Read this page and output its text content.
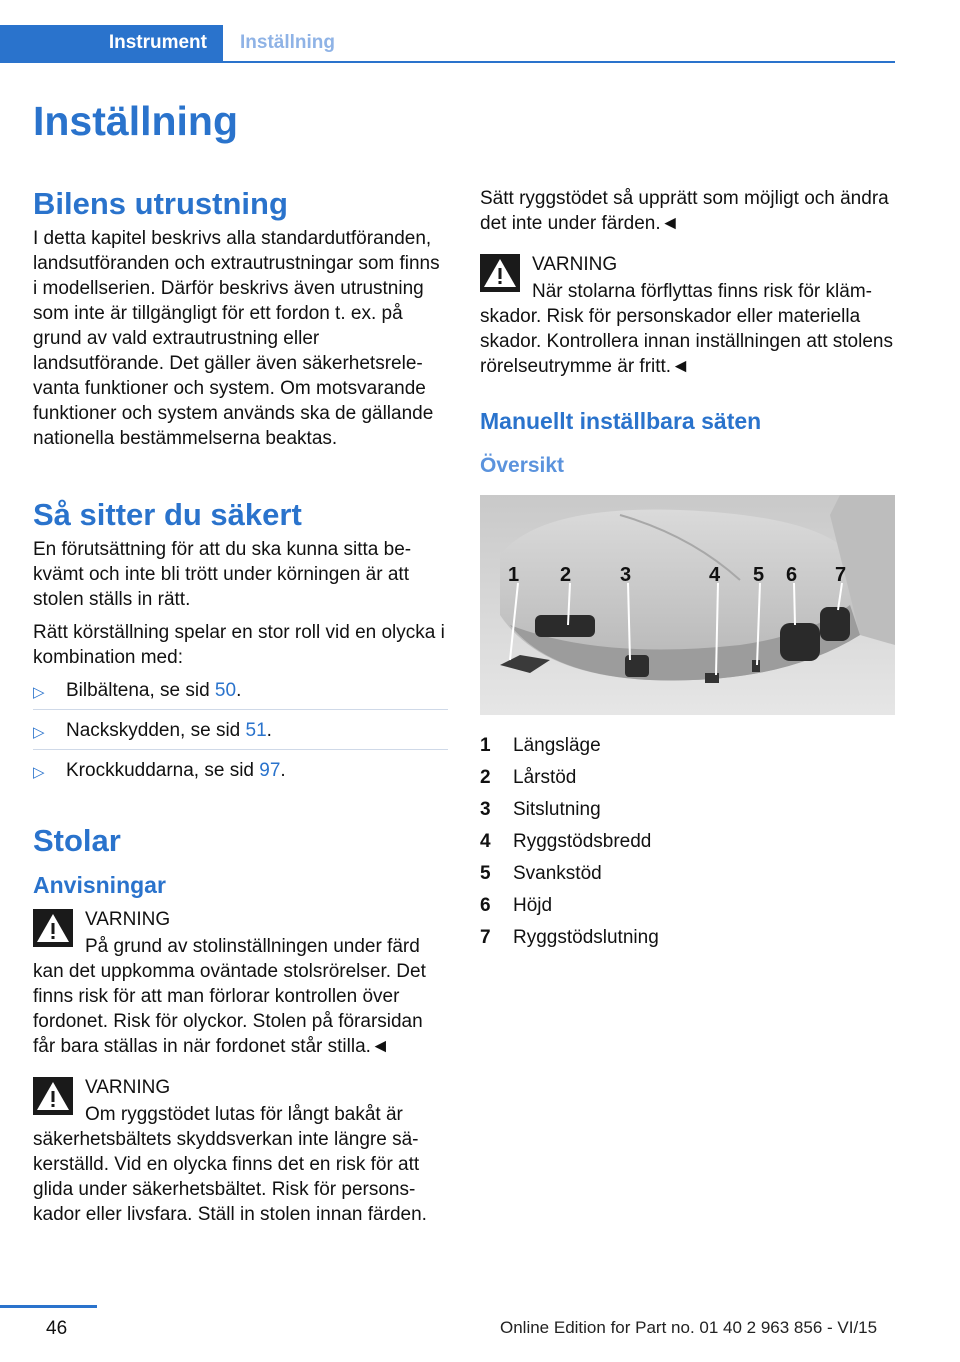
Instrument	Inställning
Inställning
Bilens utrustning

I detta kapitel beskrivs alla standardutföranden, landsutföranden och extrautrustningar som finns i modellserien. Därför beskrivs även utrustning som inte är tillgängligt för ett fordon t. ex. på grund av vald extrautrustning eller landsutförande. Det gäller även säkerhetsrelevanta funktioner och system. Om motsvarande funktioner och system används ska de gällande nationella bestämmelserna beaktas.

Så sitter du säkert

En förutsättning för att du ska kunna sitta bekvämt och inte bli trött under körningen är att stolen ställs in rätt.

Rätt körställning spelar en stor roll vid en olycka i kombination med:

▷ Bilbältena, se sid 50.
▷ Nackskydden, se sid 51.
▷ Krockkuddarna, se sid 97.
Stolar
Anvisningar
VARNING
På grund av stolinställningen under färd kan det uppkomma oväntade stolsrörelser. Det finns risk för att man förlorar kontrollen över fordonet. Risk för olyckor. Stolen på förarsidan får bara ställas in när fordonet står stilla.◄
VARNING
Om ryggstödet lutas för långt bakåt är säkerhetsbältets skyddsverkan inte längre säkerställd. Vid en olycka finns det en risk för att glida under säkerhetsbältet. Risk för personskador eller livsfara. Ställ in stolen innan färden.

Sätt ryggstödet så upprätt som möjligt och ändra det inte under färden.◄

VARNING
När stolarna förflyttas finns risk för klämskador. Risk för personskador eller materiella skador. Kontrollera innan inställningen att stolens rörelseutrymme är fritt.◄
Manuellt inställbara säten
Översikt
1 2 3	4 5 6 7
1	Längsläge
2	Lårstöd
3	Sitslutning
4	Ryggstödsbredd
5	Svankstöd
6	Höjd
7	Ryggstödslutning
46	Online Edition for Part no. 01 40 2 963 856 - VI/15
